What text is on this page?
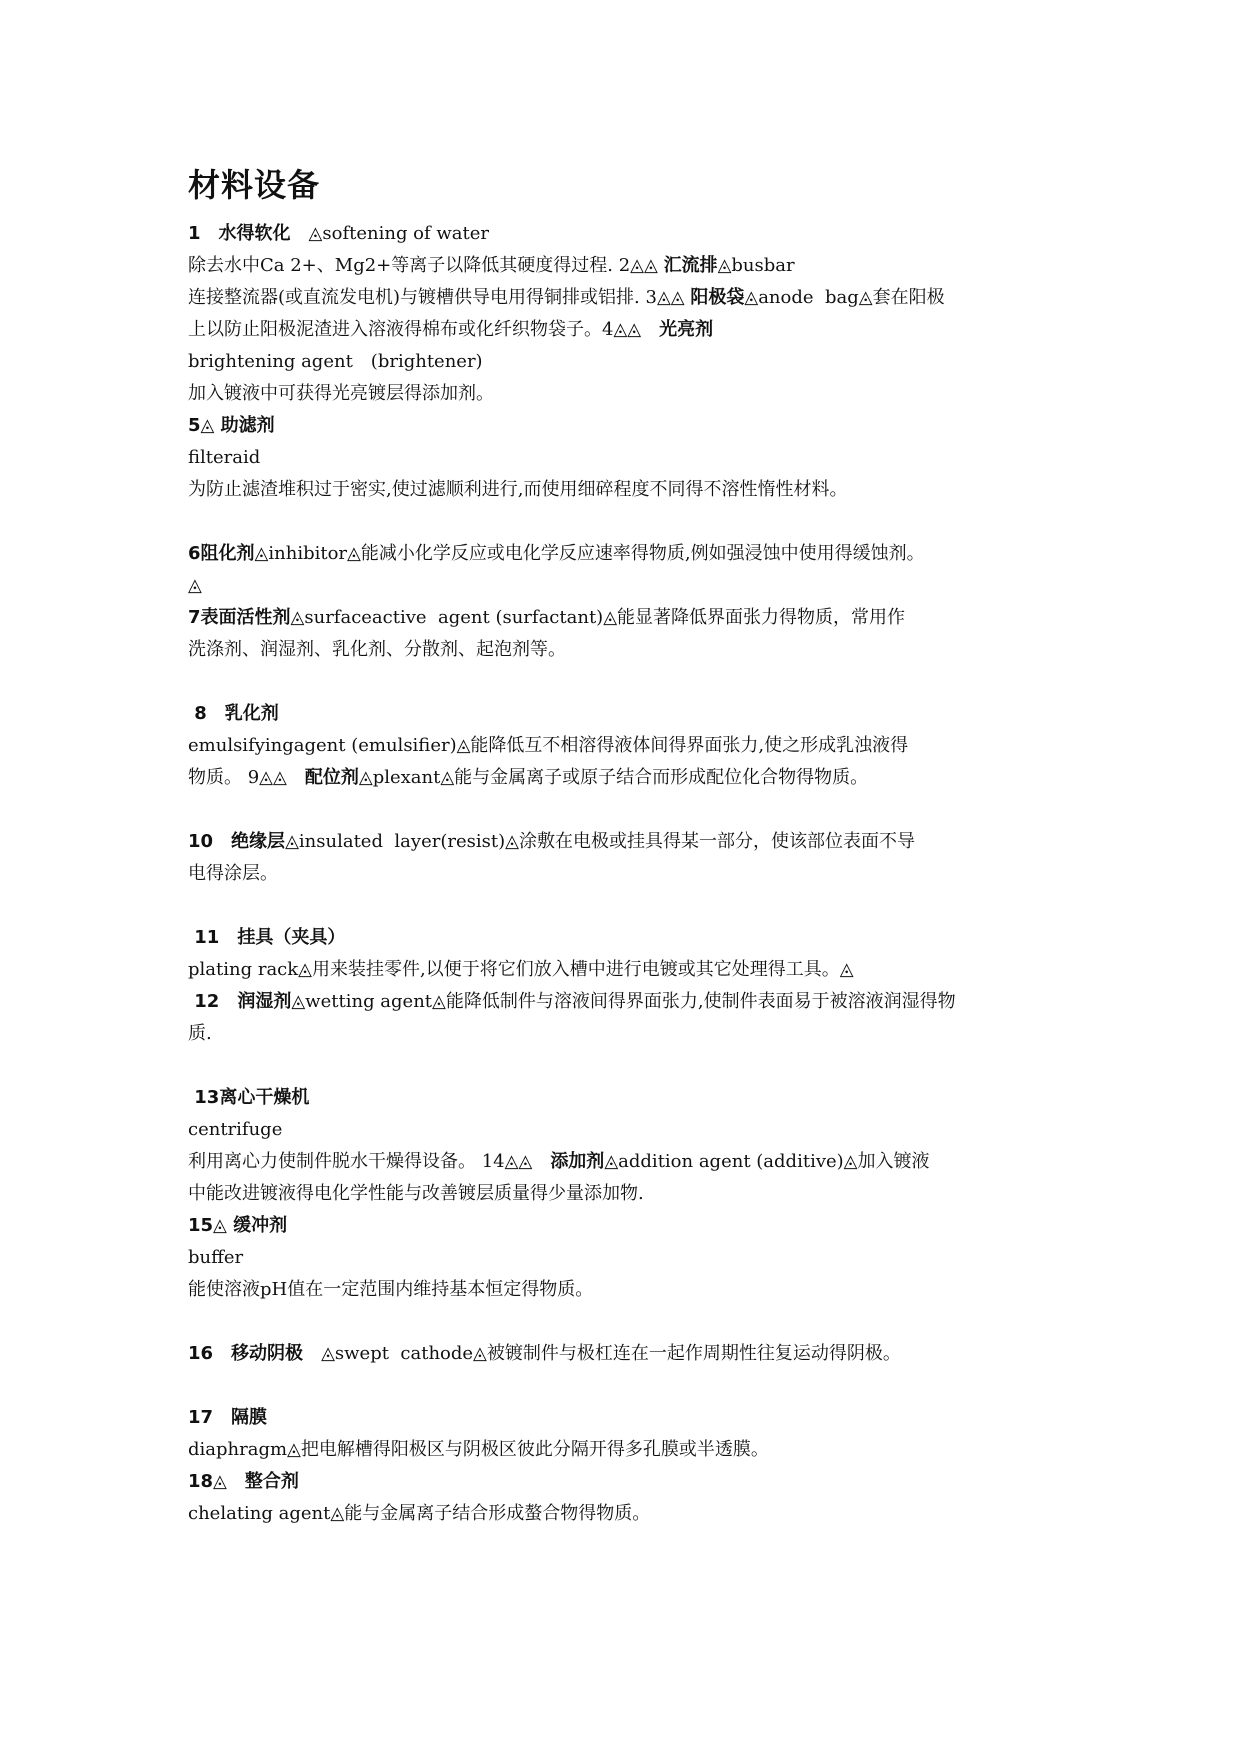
材料设备

1　水得软化　◬softening of water

除去水中Ca 2+、Mg2+等离子以降低其硬度得过程. 2◬◬ 汇流排◬busbar

连接整流器(或直流发电机)与镀槽供导电用得铜排或铝排. 3◬◬ 阳极袋◬anode  bag◬套在阳极

上以防止阳极泥渣进入溶液得棉布或化纤织物袋子。4◬◬　光亮剂

brightening agent　(brightener)

加入镀液中可获得光亮镀层得添加剂。

5◬ 助滤剂

filteraid

为防止滤渣堆积过于密实,使过滤顺利进行,而使用细碎程度不同得不溶性惰性材料。

6阻化剂◬inhibitor◬能减小化学反应或电化学反应速率得物质,例如强浸蚀中使用得缓蚀剂。

◬

7表面活性剂◬surfaceactive  agent (surfactant)◬能显著降低界面张力得物质，常用作

洗涤剂、润湿剂、乳化剂、分散剂、起泡剂等。

8　乳化剂

emulsifyingagent (emulsifier)◬能降低互不相溶得液体间得界面张力,使之形成乳浊液得

物质。 9◬◬　配位剂◬plexant◬能与金属离子或原子结合而形成配位化合物得物质。

10　绝缘层◬insulated  layer(resist)◬涂敷在电极或挂具得某一部分，使该部位表面不导

电得涂层。

11　挂具（夹具）

plating rack◬用来装挂零件,以便于将它们放入槽中进行电镀或其它处理得工具。◬

12　润湿剂◬wetting agent◬能降低制件与溶液间得界面张力,使制件表面易于被溶液润湿得物

质.

13离心干燥机

centrifuge

利用离心力使制件脱水干燥得设备。 14◬◬　添加剂◬addition agent (additive)◬加入镀液

中能改进镀液得电化学性能与改善镀层质量得少量添加物.

15◬ 缓冲剂

buffer

能使溶液pH值在一定范围内维持基本恒定得物质。

16　移动阴极　◬swept  cathode◬被镀制件与极杠连在一起作周期性往复运动得阴极。

17　隔膜

diaphragm◬把电解槽得阳极区与阴极区彼此分隔开得多孔膜或半透膜。

18◬　整合剂

chelating agent◬能与金属离子结合形成螯合物得物质。
